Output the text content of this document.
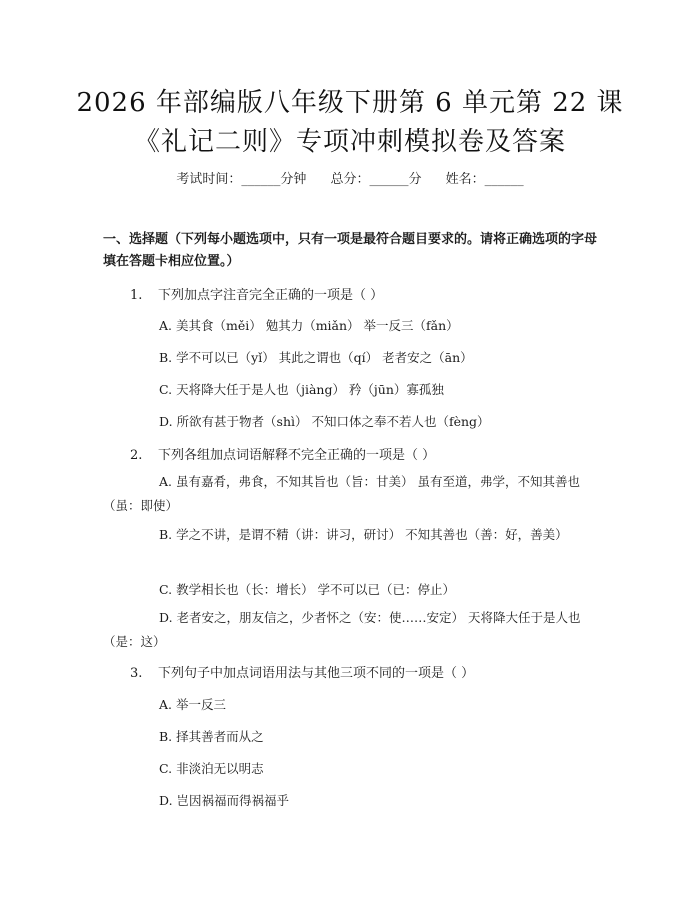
2026 年部编版八年级下册第 6 单元第 22 课
《礼记二则》专项冲刺模拟卷及答案
考试时间：______分钟 总分：______分 姓名：______
一、选择题（下列每小题选项中，只有一项是最符合题目要求的。请将正确选项的字母填在答题卡相应位置。）
1. 下列加点字注音完全正确的一项是（ ）
A. 美其食（měi） 勉其力（miǎn） 举一反三（fǎn）
B. 学不可以已（yǐ） 其此之谓也（qí） 老者安之（ān）
C. 天将降大任于是人也（jiàng） 矜（jūn）寡孤独
D. 所欲有甚于物者（shì） 不知口体之奉不若人也（fèng）
2. 下列各组加点词语解释不完全正确的一项是（ ）
A. 虽有嘉肴，弗食，不知其旨也（旨：甘美） 虽有至道，弗学，不知其善也（虽：即使）
B. 学之不讲，是谓不精（讲：讲习，研讨） 不知其善也（善：好，善美）
C. 教学相长也（长：增长） 学不可以已（已：停止）
D. 老者安之，朋友信之，少者怀之（安：使……安定） 天将降大任于是人也（是：这）
3. 下列句子中加点词语用法与其他三项不同的一项是（ ）
A. 举一反三
B. 择其善者而从之
C. 非淡泊无以明志
D. 岂因祸福而得祸福乎
